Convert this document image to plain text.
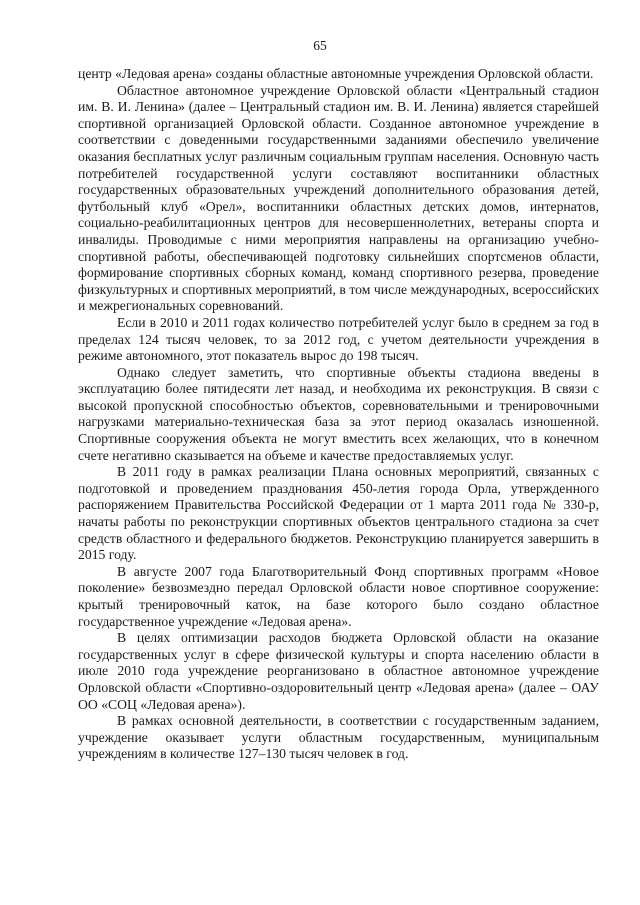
65

центр «Ледовая арена» созданы областные автономные учреждения Орловской области.

Областное автономное учреждение Орловской области «Центральный стадион им. В. И. Ленина» (далее – Центральный стадион им. В. И. Ленина) является старейшей спортивной организацией Орловской области. Созданное автономное учреждение в соответствии с доведенными государственными заданиями обеспечило увеличение оказания бесплатных услуг различным социальным группам населения. Основную часть потребителей государственной услуги составляют воспитанники областных государственных образовательных учреждений дополнительного образования детей, футбольный клуб «Орел», воспитанники областных детских домов, интернатов, социально-реабилитационных центров для несовершеннолетних, ветераны спорта и инвалиды. Проводимые с ними мероприятия направлены на организацию учебно-спортивной работы, обеспечивающей подготовку сильнейших спортсменов области, формирование спортивных сборных команд, команд спортивного резерва, проведение физкультурных и спортивных мероприятий, в том числе международных, всероссийских и межрегиональных соревнований.

Если в 2010 и 2011 годах количество потребителей услуг было в среднем за год в пределах 124 тысяч человек, то за 2012 год, с учетом деятельности учреждения в режиме автономного, этот показатель вырос до 198 тысяч.

Однако следует заметить, что спортивные объекты стадиона введены в эксплуатацию более пятидесяти лет назад, и необходима их реконструкция. В связи с высокой пропускной способностью объектов, соревновательными и тренировочными нагрузками материально-техническая база за этот период оказалась изношенной. Спортивные сооружения объекта не могут вместить всех желающих, что в конечном счете негативно сказывается на объеме и качестве предоставляемых услуг.

В 2011 году в рамках реализации Плана основных мероприятий, связанных с подготовкой и проведением празднования 450-летия города Орла, утвержденного распоряжением Правительства Российской Федерации от 1 марта 2011 года № 330-р, начаты работы по реконструкции спортивных объектов центрального стадиона за счет средств областного и федерального бюджетов. Реконструкцию планируется завершить в 2015 году.

В августе 2007 года Благотворительный Фонд спортивных программ «Новое поколение» безвозмездно передал Орловской области новое спортивное сооружение: крытый тренировочный каток, на базе которого было создано областное государственное учреждение «Ледовая арена».

В целях оптимизации расходов бюджета Орловской области на оказание государственных услуг в сфере физической культуры и спорта населению области в июле 2010 года учреждение реорганизовано в областное автономное учреждение Орловской области «Спортивно-оздоровительный центр «Ледовая арена» (далее – ОАУ ОО «СОЦ «Ледовая арена»).

В рамках основной деятельности, в соответствии с государственным заданием, учреждение оказывает услуги областным государственным, муниципальным учреждениям в количестве 127–130 тысяч человек в год.
